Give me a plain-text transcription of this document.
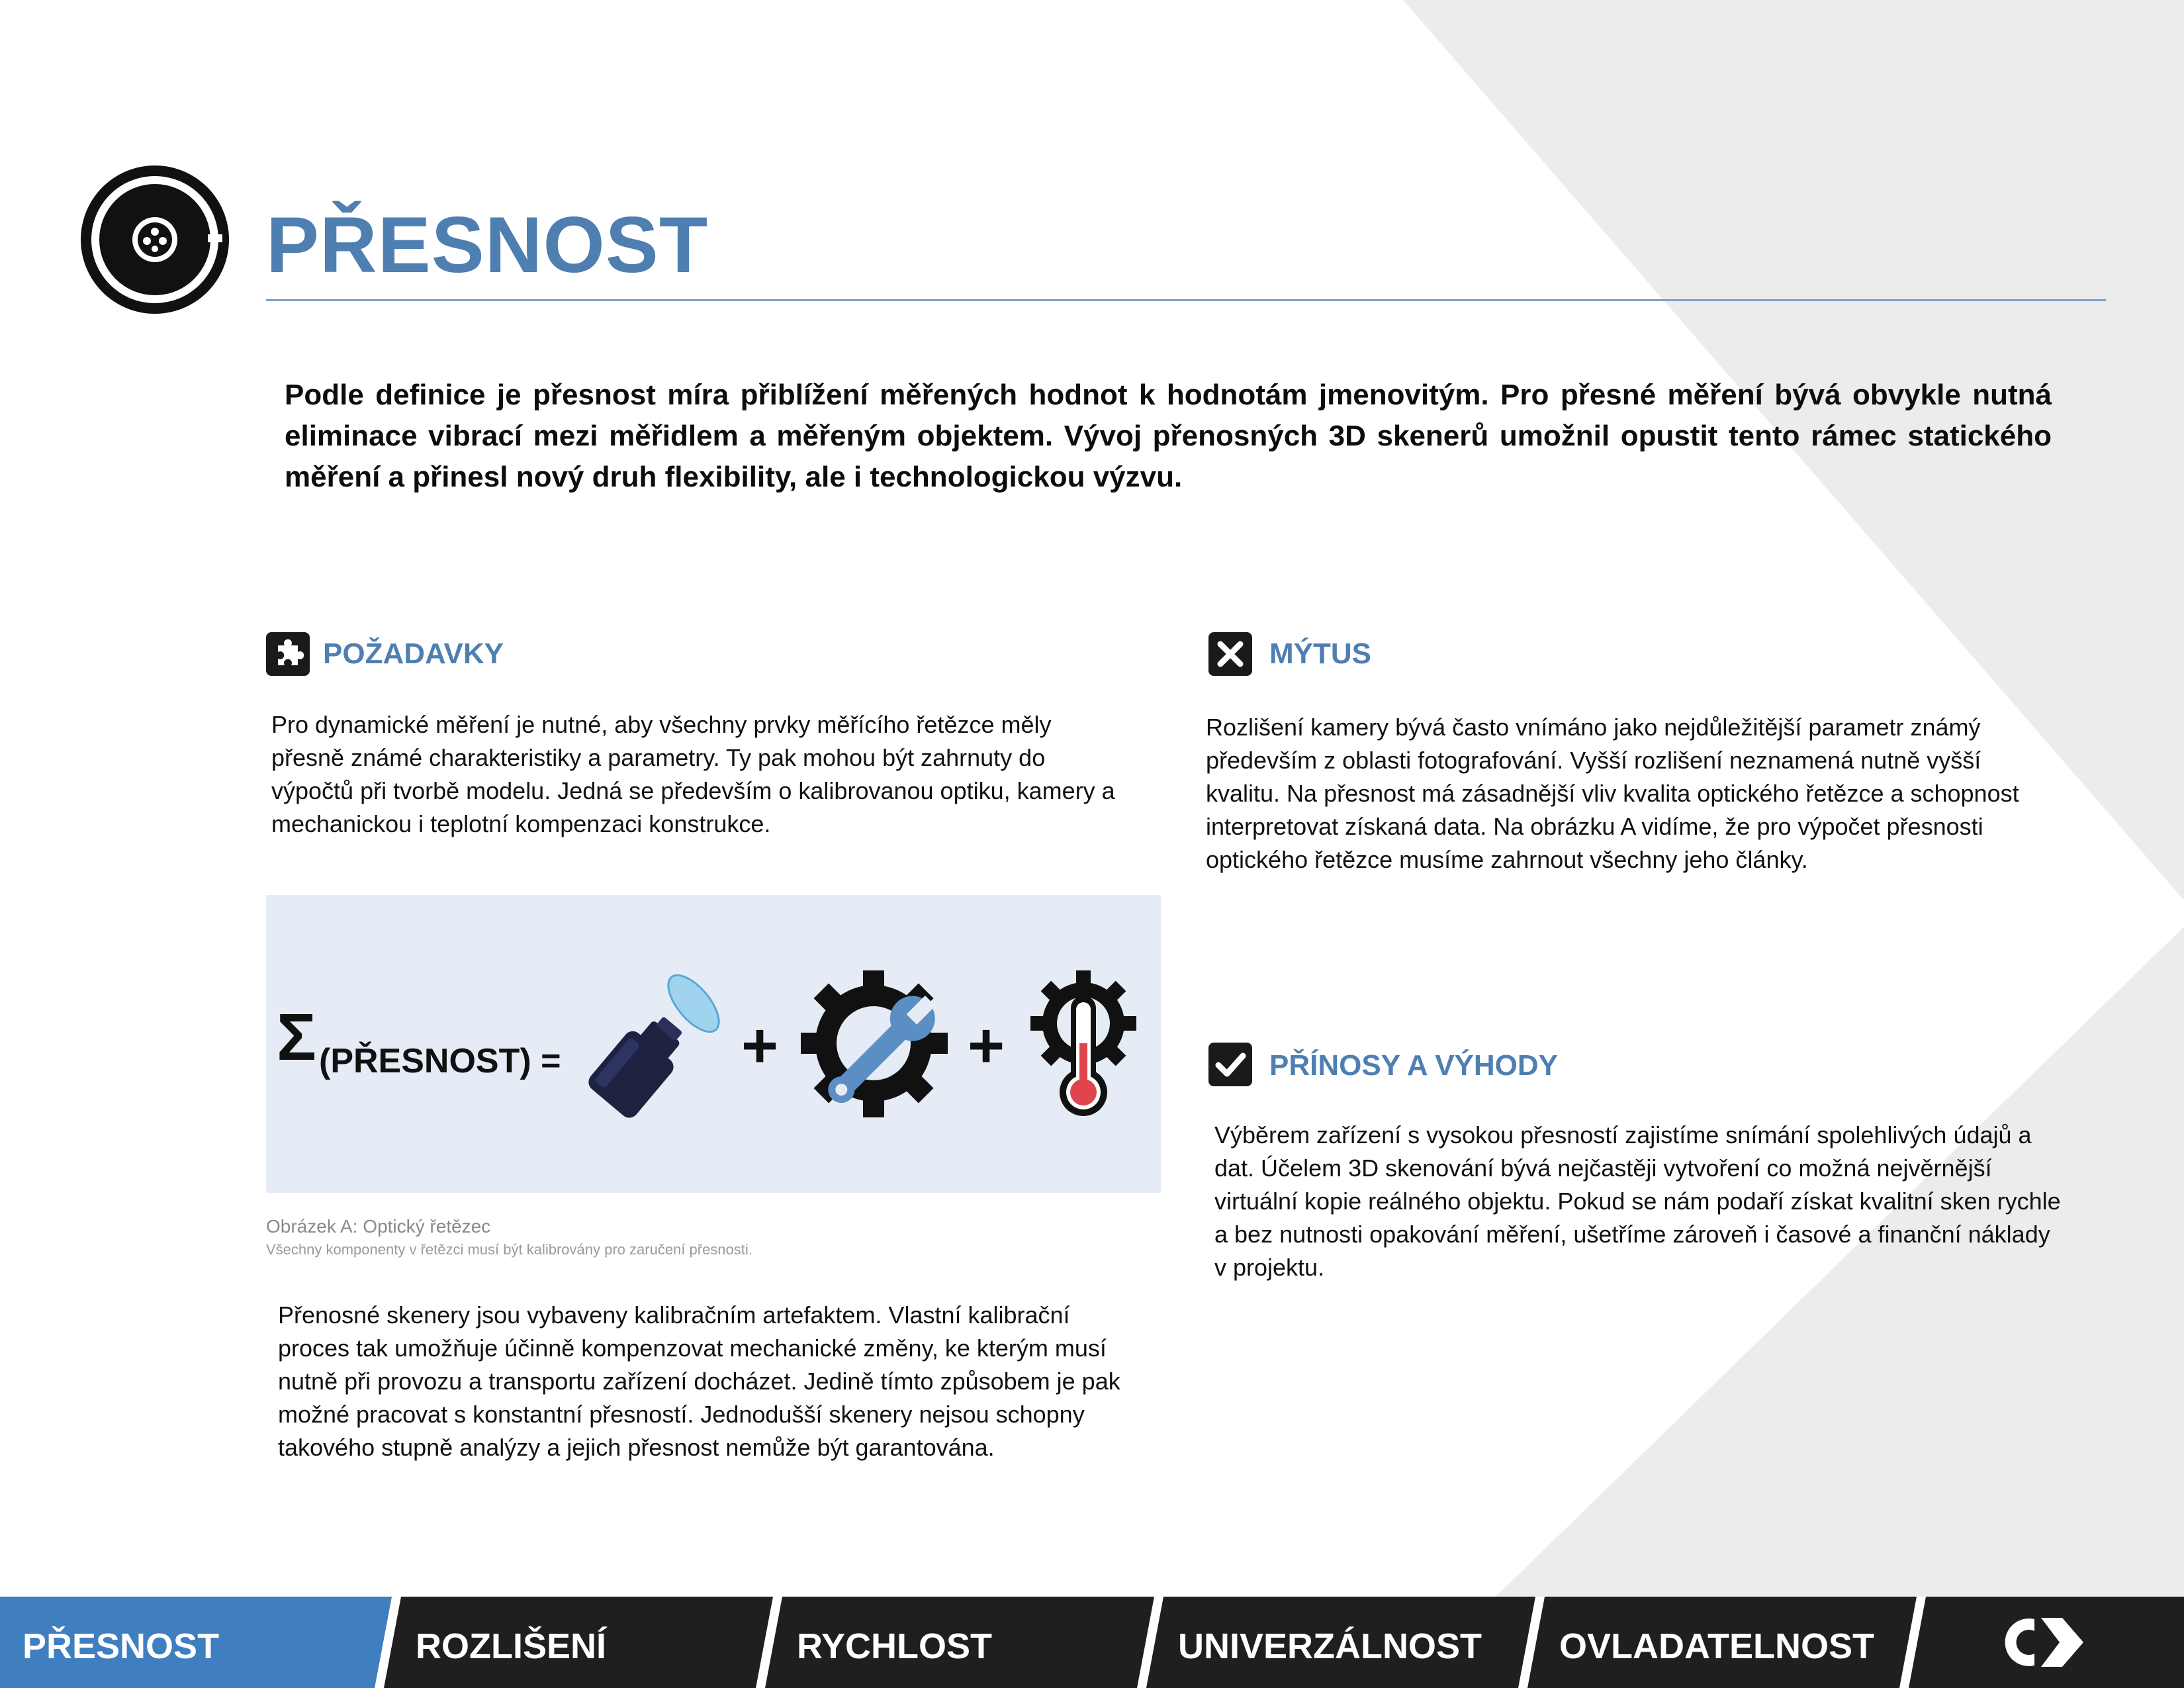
PŘESNOST

Podle definice je přesnost míra přiblížení měřených hodnot k hodnotám jmenovitým. Pro přesné měření bývá obvykle nutná eliminace vibrací mezi měřidlem a měřeným objektem. Vývoj přenosných 3D skenerů umožnil opustit tento rámec statického měření a přinesl nový druh flexibility, ale i technologickou výzvu.

POŽADAVKY

Pro dynamické měření je nutné, aby všechny prvky měřícího řetězce měly přesně známé charakteristiky a parametry. Ty pak mohou být zahrnuty do výpočtů při tvorbě modelu. Jedná se především o kalibrovanou optiku, kamery a mechanickou i teplotní kompenzaci konstrukce.

MÝTUS

Rozlišení kamery bývá často vnímáno jako nejdůležitější parametr známý především z oblasti fotografování. Vyšší rozlišení neznamená nutně vyšší kvalitu. Na přesnost má zásadnější vliv kvalita optického řetězce a schopnost interpretovat získaná data. Na obrázku A vidíme, že pro výpočet přesnosti optického řetězce musíme zahrnout všechny jeho články.

PŘÍNOSY A VÝHODY

Výběrem zařízení s vysokou přesností zajistíme snímání spolehlivých údajů a dat. Účelem 3D skenování bývá nejčastěji vytvoření co možná nejvěrnější virtuální kopie reálného objektu. Pokud se nám podaří získat kvalitní sken rychle a bez nutnosti opakování měření, ušetříme zároveň i časové a finanční náklady v projektu.

Σ (PŘESNOST) =	+	+
Obrázek A: Optický řetězec
Všechny komponenty v řetězci musí být kalibrovány pro zaručení přesnosti.

Přenosné skenery jsou vybaveny kalibračním artefaktem. Vlastní kalibrační proces tak umožňuje účinně kompenzovat mechanické změny, ke kterým musí nutně při provozu a transportu zařízení docházet. Jedině tímto způsobem je pak možné pracovat s konstantní přesností. Jednodušší skenery nejsou schopny takového stupně analýzy a jejich přesnost nemůže být garantována.

PŘESNOST	ROZLIŠENÍ	RYCHLOST	UNIVERZÁLNOST OVLADATELNOST
